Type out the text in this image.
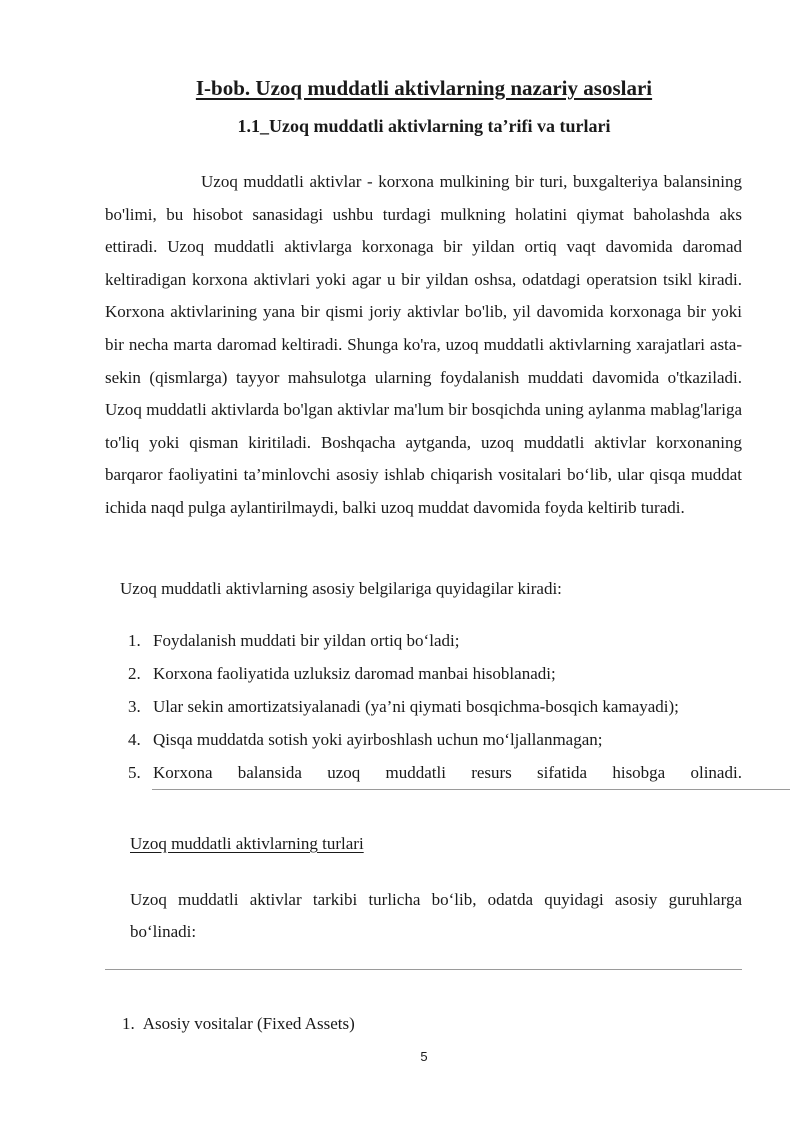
I-bob. Uzoq muddatli aktivlarning nazariy asoslari
1.1_Uzoq muddatli aktivlarning ta’rifi va turlari

Uzoq muddatli aktivlar - korxona mulkining bir turi, buxgalteriya balansining bo'limi, bu hisobot sanasidagi ushbu turdagi mulkning holatini qiymat baholashda aks ettiradi. Uzoq muddatli aktivlarga korxonaga bir yildan ortiq vaqt davomida daromad keltiradigan korxona aktivlari yoki agar u bir yildan oshsa, odatdagi operatsion tsikl kiradi. Korxona aktivlarining yana bir qismi joriy aktivlar bo'lib, yil davomida korxonaga bir yoki bir necha marta daromad keltiradi. Shunga ko'ra, uzoq muddatli aktivlarning xarajatlari asta-sekin (qismlarga) tayyor mahsulotga ularning foydalanish muddati davomida o'tkaziladi. Uzoq muddatli aktivlarda bo'lgan aktivlar ma'lum bir bosqichda uning aylanma mablag'lariga to'liq yoki qisman kiritiladi. Boshqacha aytganda, uzoq muddatli aktivlar korxonaning barqaror faoliyatini ta’minlovchi asosiy ishlab chiqarish vositalari bo‘lib, ular qisqa muddat ichida naqd pulga aylantirilmaydi, balki uzoq muddat davomida foyda keltirib turadi.

Uzoq muddatli aktivlarning asosiy belgilariga quyidagilar kiradi:

1. Foydalanish muddati bir yildan ortiq bo‘ladi;
2. Korxona faoliyatida uzluksiz daromad manbai hisoblanadi;
3. Ular sekin amortizatsiyalanadi (ya’ni qiymati bosqichma-bosqich kamayadi);
4. Qisqa muddatda sotish yoki ayirboshlash uchun mo‘ljallanmagan;
5. Korxona balansida uzoq muddatli resurs sifatida hisobga olinadi.
Uzoq muddatli aktivlarning turlari

Uzoq muddatli aktivlar tarkibi turlicha bo‘lib, odatda quyidagi asosiy guruhlarga bo‘linadi:

1. Asosiy vositalar (Fixed Assets)
5
